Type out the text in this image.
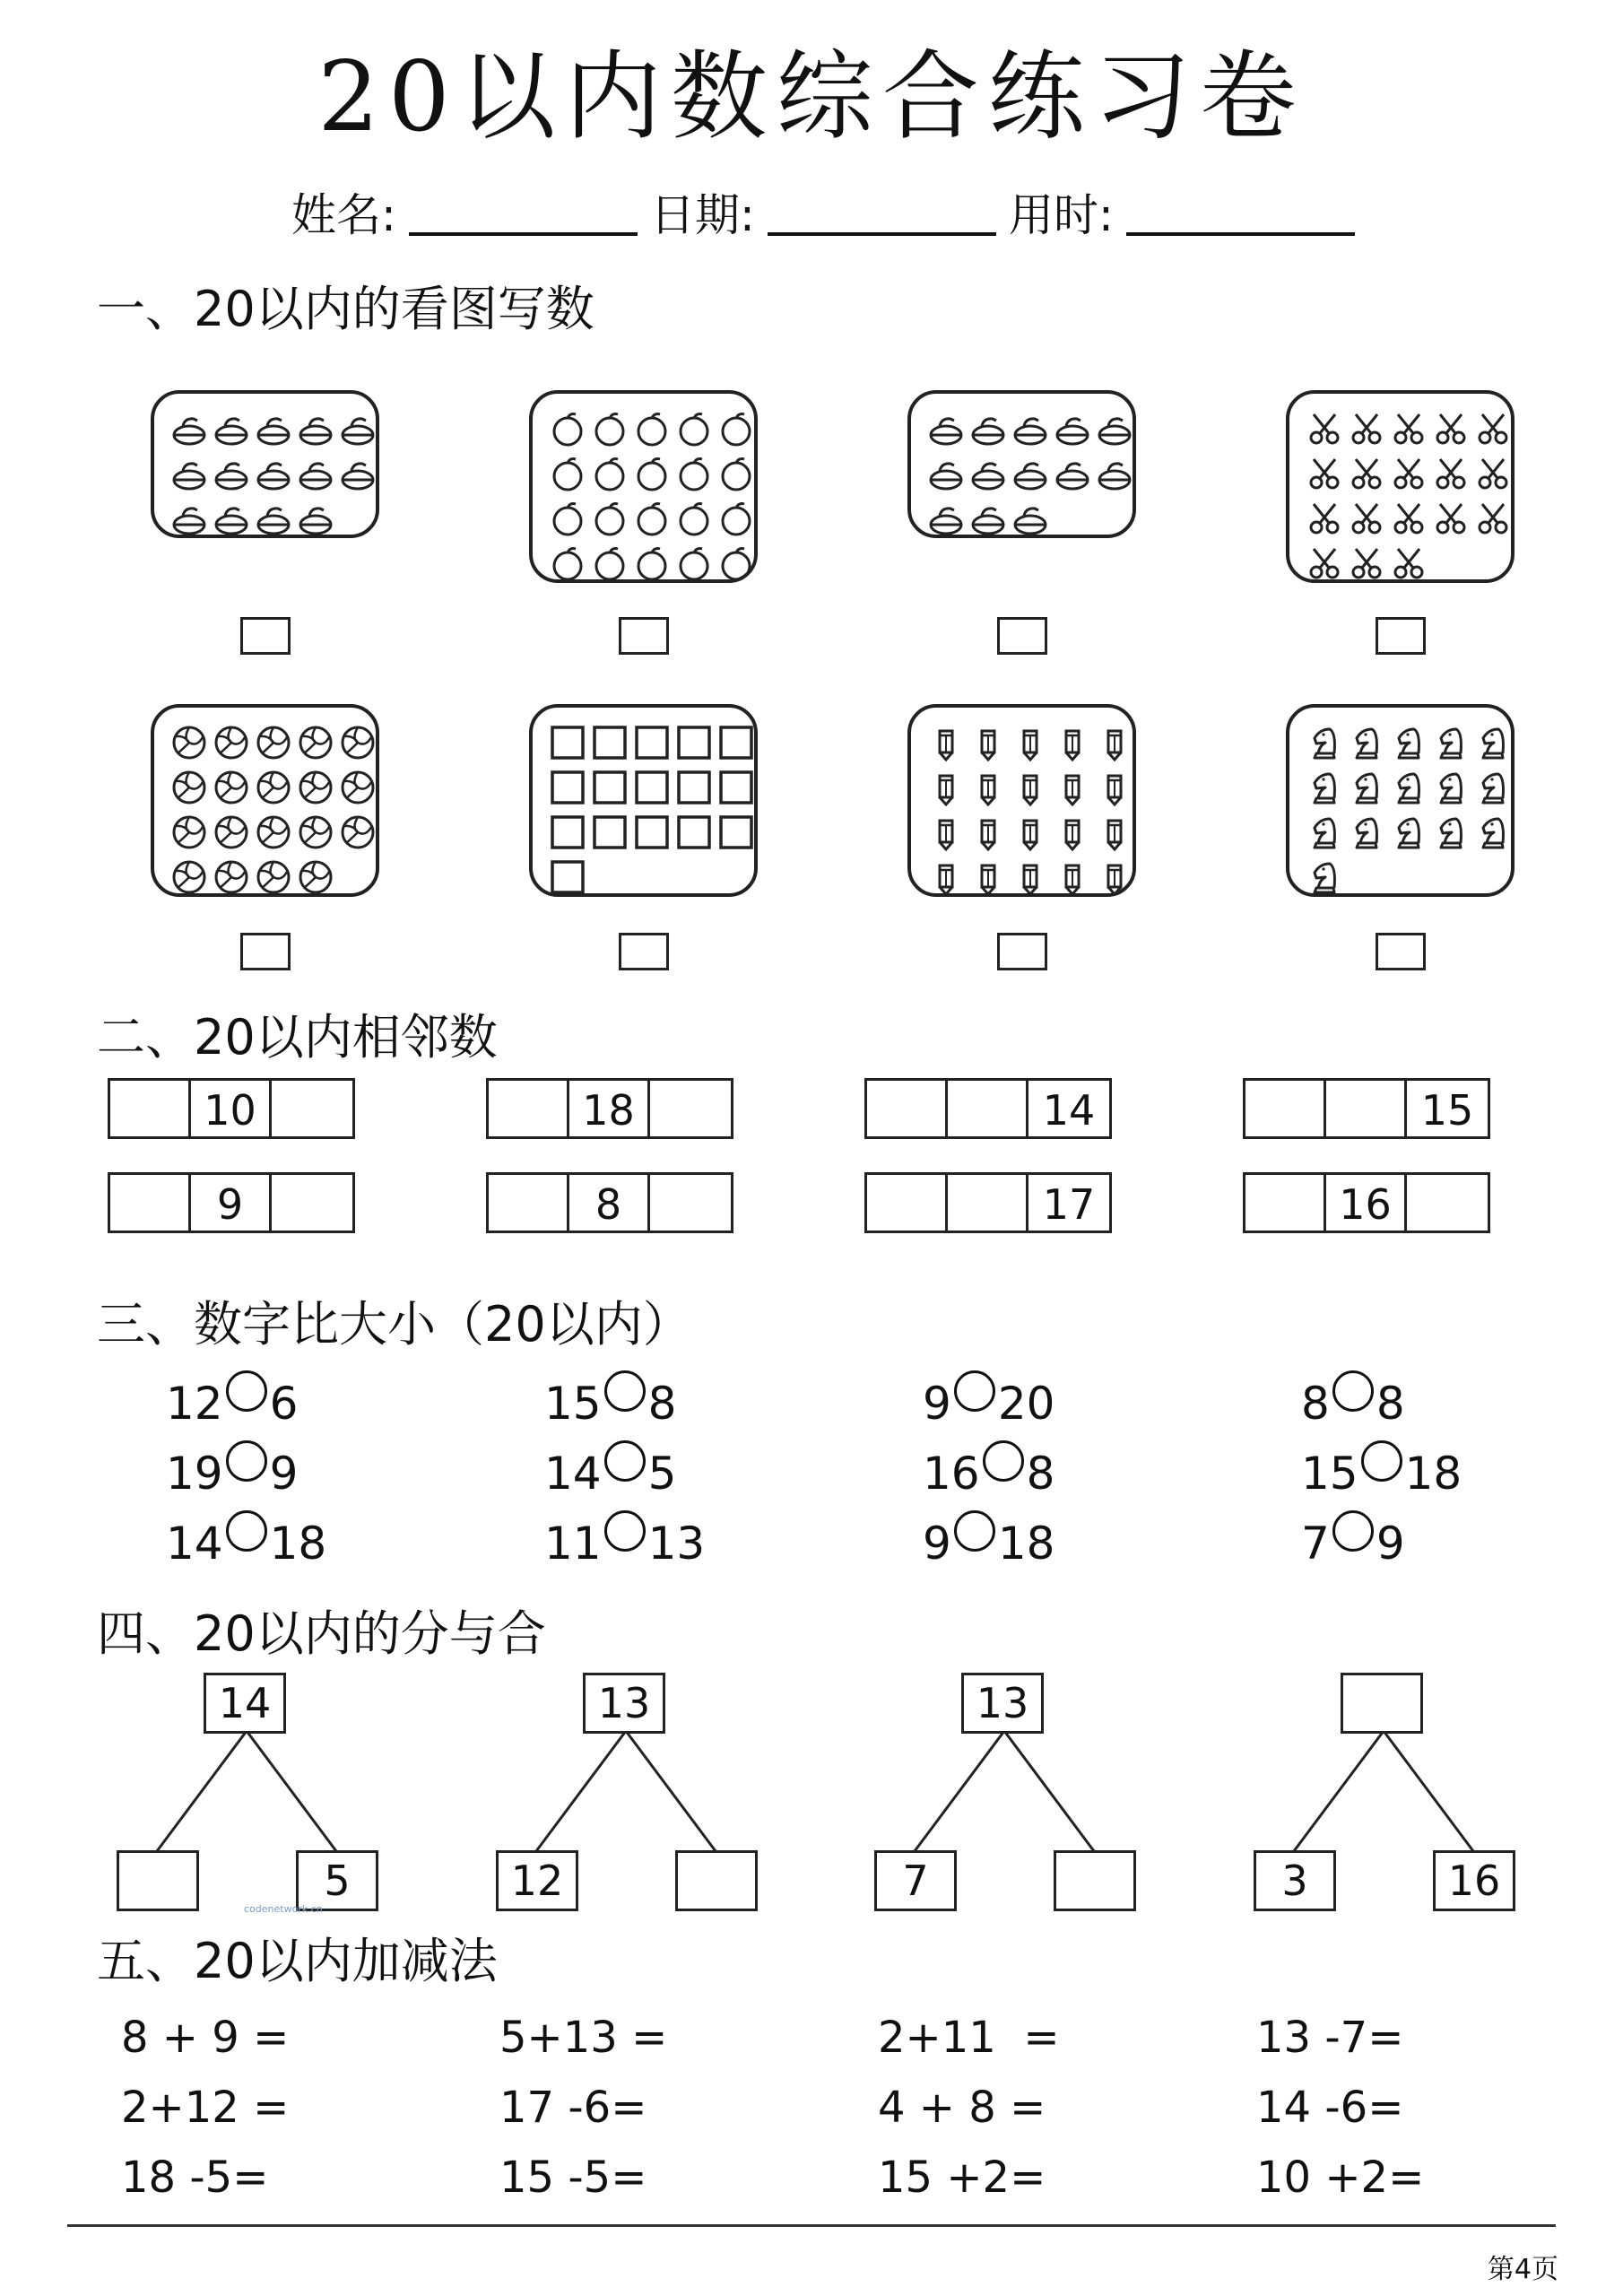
20以内数综合练习卷
姓名:	日期:	用时:
一、20以内的看图写数
二、20以内相邻数
三、数字比大小（20以内）
四、20以内的分与合
五、20以内加减法
10	18	14	15
9	8	17	16
12 6	15 8	9 20	8 8
19 9	14 5	16 8	15 18
14 18	11 13	9 18	7 9
14
5
13
12
13
7	3	16
8 + 9 =	5+13 =	2+11  =	13 -7=
2+12 =	17 -6=	4 + 8 =	14 -6=
18 -5=	15 -5=	15 +2=	10 +2=
codenetwork.cn
第4页
